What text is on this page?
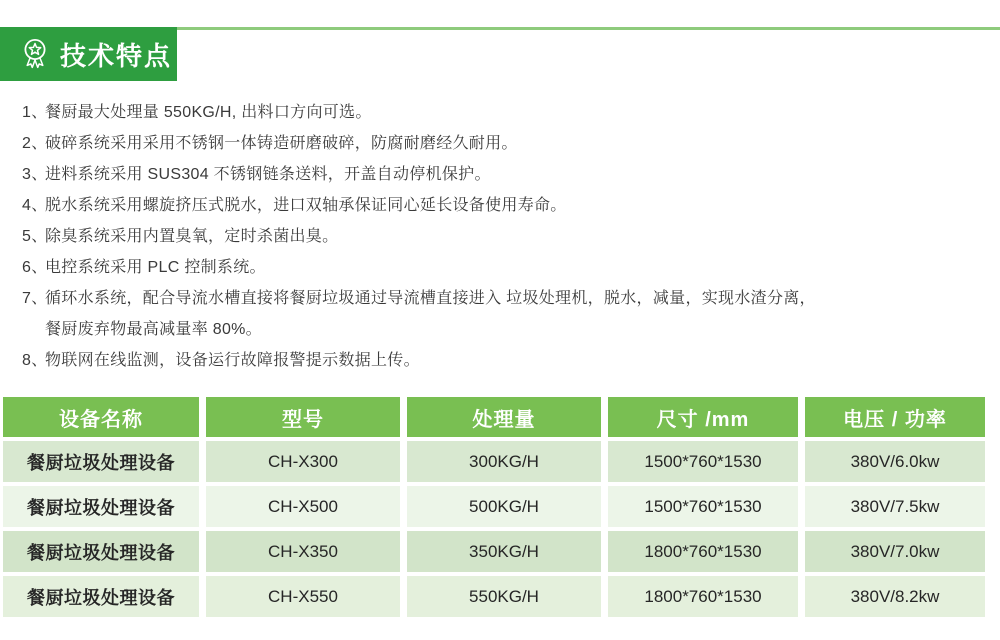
技术特点
1、
餐厨最大处理量 550KG/H, 出料口方向可选。
2、
破碎系统采用采用不锈钢一体铸造研磨破碎，防腐耐磨经久耐用。
3、
进料系统采用 SUS304 不锈钢链条送料，开盖自动停机保护。
4、
脱水系统采用螺旋挤压式脱水，进口双轴承保证同心延长设备使用寿命。
5、
除臭系统采用内置臭氧，定时杀菌出臭。
6、
电控系统采用 PLC 控制系统。
7、
循环水系统，配合导流水槽直接将餐厨垃圾通过导流槽直接进入 垃圾处理机，脱水，减量，实现水渣分离，餐厨废弃物最高减量率 80%。
8、
物联网在线监测，设备运行故障报警提示数据上传。
设备名称	型号	处理量	尺寸 /mm	电压 / 功率
餐厨垃圾处理设备	CH-X300	300KG/H	1500*760*1530	380V/6.0kw
餐厨垃圾处理设备	CH-X500	500KG/H	1500*760*1530	380V/7.5kw
餐厨垃圾处理设备	CH-X350	350KG/H	1800*760*1530	380V/7.0kw
餐厨垃圾处理设备	CH-X550	550KG/H	1800*760*1530	380V/8.2kw
